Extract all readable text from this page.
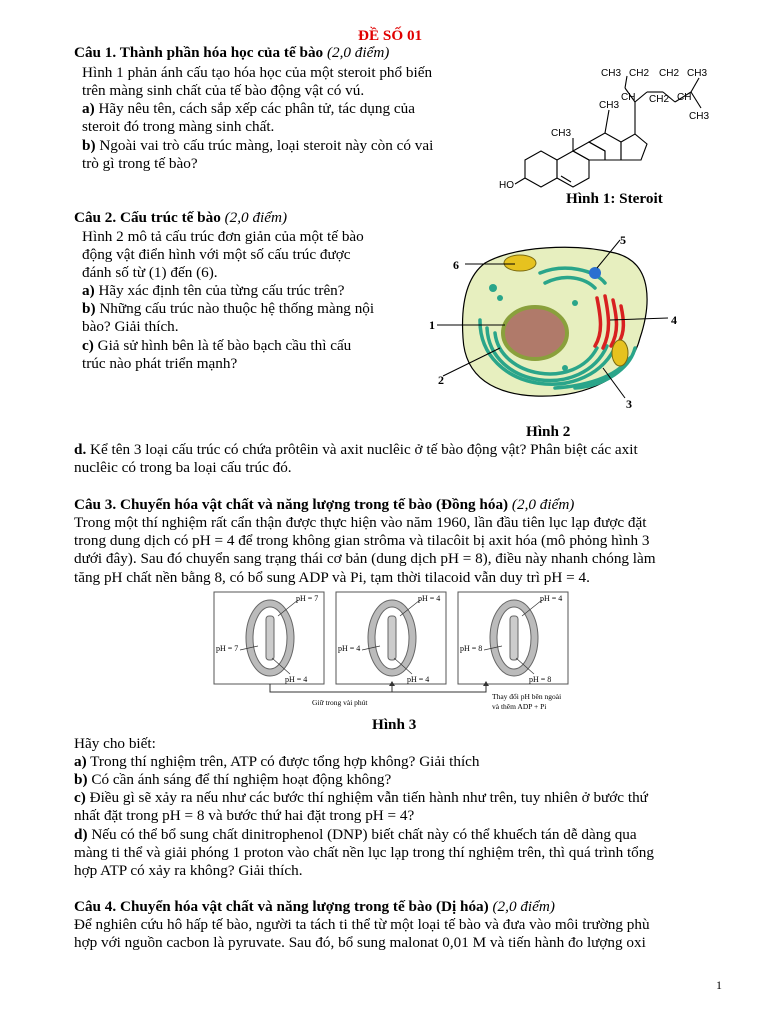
ĐỀ SỐ 01
Câu 1. Thành phần hóa học của tế bào (2,0 điểm)
Hình 1 phản ánh cấu tạo hóa học của một steroit phổ biến
trên màng sinh chất của tế bào động vật có vú.
a) Hãy nêu tên, cách sắp xếp các phân tử, tác dụng của
steroit đó trong màng sinh chất.
b) Ngoài vai trò cấu trúc màng, loại steroit này còn có vai
trò gì trong tế bào?
CH3 CH2 CH2 CH3
CH CH2 CH
CH3
CH3
CH3
HO
Hình 1: Steroit
Câu 2. Cấu trúc tế bào (2,0 điểm)
Hình 2 mô tả cấu trúc đơn giản của một tế bào
động vật điển hình với một số cấu trúc được
đánh số từ (1) đến (6).
a) Hãy xác định tên của từng cấu trúc trên?
b) Những cấu trúc nào thuộc hệ thống màng nội
bào? Giải thích.
c) Giả sử hình bên là tế bào bạch cầu thì cấu
trúc nào phát triển mạnh?
1
2
3
4
5
6
Hình 2
d. Kể tên 3 loại cấu trúc có chứa prôtêin và axit nuclêic ở tế bào động vật? Phân biệt các axit
nuclêic có trong ba loại cấu trúc đó.
Câu 3. Chuyển hóa vật chất và năng lượng trong tế bào (Đồng hóa) (2,0 điểm)
Trong một thí nghiệm rất cẩn thận được thực hiện vào năm 1960, lần đầu tiên lục lạp được đặt
trong dung dịch có pH = 4 để trong không gian strôma và tilacôit bị axit hóa (mô phỏng hình 3
dưới đây). Sau đó chuyển sang trạng thái cơ bản (dung dịch pH = 8), điều này nhanh chóng làm
tăng pH chất nền bằng 8, có bổ sung ADP và Pi, tạm thời tilacoid vẫn duy trì pH = 4.
pH = 7
pH = 7
pH = 4
pH = 4
pH = 4
pH = 4
pH = 4
pH = 8
pH = 8
Giữ trong vài phút
Thay đổi pH bên ngoài
và thêm ADP + Pi
Hình 3
Hãy cho biết:
a) Trong thí nghiệm trên, ATP có được tổng hợp không? Giải thích
b) Có cần ánh sáng để thí nghiệm hoạt động không?
c) Điều gì sẽ xảy ra nếu như các bước thí nghiệm vẫn tiến hành như trên, tuy nhiên ở bước thứ
nhất đặt trong pH = 8 và bước thứ hai đặt trong pH = 4?
d) Nếu có thể bổ sung chất dinitrophenol (DNP) biết chất này có thể khuếch tán dễ dàng qua
màng ti thể và giải phóng 1 proton vào chất nền lục lạp trong thí nghiệm trên, thì quá trình tổng
hợp ATP có xảy ra không? Giải thích.
Câu 4. Chuyển hóa vật chất và năng lượng trong tế bào (Dị hóa) (2,0 điểm)
Để nghiên cứu hô hấp tế bào, người ta tách ti thể từ một loại tế bào và đưa vào môi trường phù
hợp với nguồn cacbon là pyruvate. Sau đó, bổ sung malonat 0,01 M và tiến hành đo lượng oxi
1
